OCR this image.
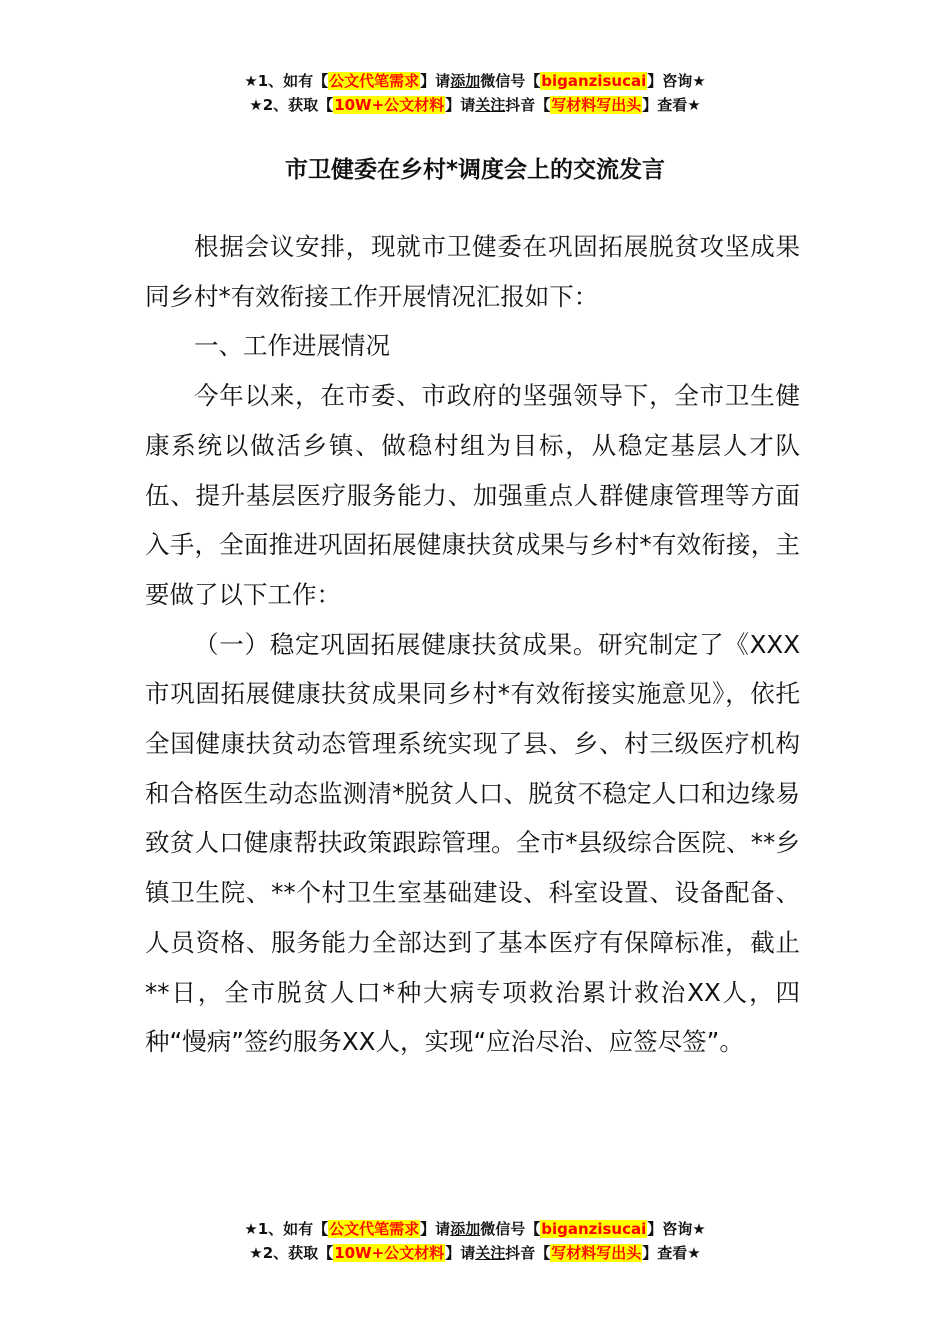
★1、如有【公文代笔需求】请添加微信号【biganzisucai】咨询★
★2、获取【10W+公文材料】请关注抖音【写材料写出头】查看★
市卫健委在乡村*调度会上的交流发言

根据会议安排，现就市卫健委在巩固拓展脱贫攻坚成果同乡村*有效衔接工作开展情况汇报如下：

一、工作进展情况

今年以来，在市委、市政府的坚强领导下，全市卫生健康系统以做活乡镇、做稳村组为目标，从稳定基层人才队伍、提升基层医疗服务能力、加强重点人群健康管理等方面入手，全面推进巩固拓展健康扶贫成果与乡村*有效衔接，主要做了以下工作：

（一）稳定巩固拓展健康扶贫成果。研究制定了《XXX市巩固拓展健康扶贫成果同乡村*有效衔接实施意见》，依托全国健康扶贫动态管理系统实现了县、乡、村三级医疗机构和合格医生动态监测清*脱贫人口、脱贫不稳定人口和边缘易致贫人口健康帮扶政策跟踪管理。全市*县级综合医院、**乡镇卫生院、**个村卫生室基础建设、科室设置、设备配备、人员资格、服务能力全部达到了基本医疗有保障标准，截止**日，全市脱贫人口*种大病专项救治累计救治XX人，四种“慢病”签约服务XX人，实现“应治尽治、应签尽签”。

★1、如有【公文代笔需求】请添加微信号【biganzisucai】咨询★
★2、获取【10W+公文材料】请关注抖音【写材料写出头】查看★
